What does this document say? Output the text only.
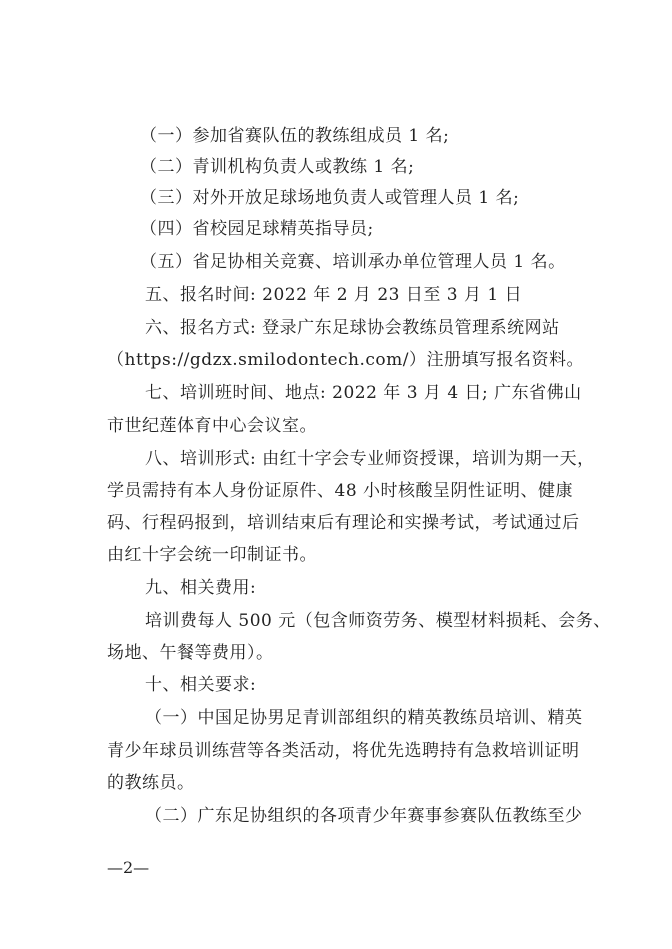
（一）参加省赛队伍的教练组成员 1 名;
（二）青训机构负责人或教练 1 名;
（三）对外开放足球场地负责人或管理人员 1 名;
（四）省校园足球精英指导员;
（五）省足协相关竞赛、培训承办单位管理人员 1 名。
五、报名时间: 2022 年 2 月 23 日至 3 月 1 日
六、报名方式: 登录广东足球协会教练员管理系统网站
（https://gdzx.smilodontech.com/）注册填写报名资料。
七、培训班时间、地点: 2022 年 3 月 4 日; 广东省佛山
市世纪莲体育中心会议室。
八、培训形式: 由红十字会专业师资授课，培训为期一天，
学员需持有本人身份证原件、48 小时核酸呈阴性证明、健康
码、行程码报到，培训结束后有理论和实操考试，考试通过后
由红十字会统一印制证书。
九、相关费用:
培训费每人 500 元（包含师资劳务、模型材料损耗、会务、
场地、午餐等费用）。
十、相关要求:
（一）中国足协男足青训部组织的精英教练员培训、精英
青少年球员训练营等各类活动，将优先选聘持有急救培训证明
的教练员。
（二）广东足协组织的各项青少年赛事参赛队伍教练至少
—2—
